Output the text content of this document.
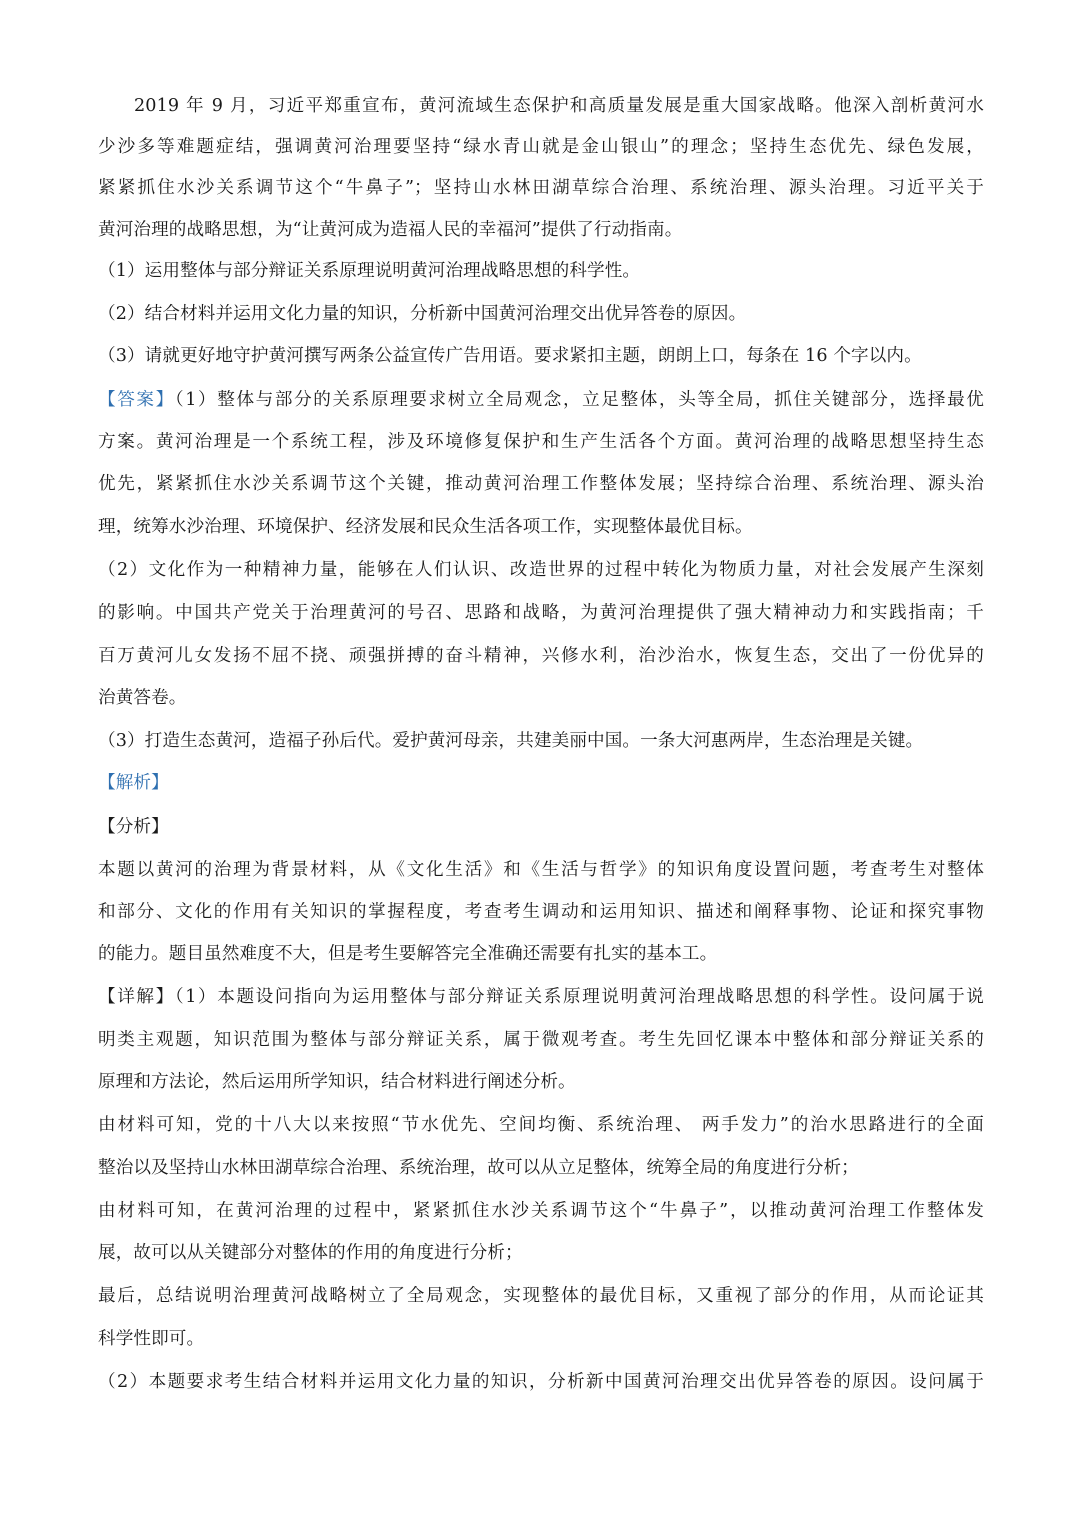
2019 年 9 月，习近平郑重宣布，黄河流域生态保护和高质量发展是重大国家战略。他深入剖析黄河水
少沙多等难题症结，强调黄河治理要坚持“绿水青山就是金山银山”的理念；坚持生态优先、绿色发展，
紧紧抓住水沙关系调节这个“牛鼻子”；坚持山水林田湖草综合治理、系统治理、源头治理。习近平关于
黄河治理的战略思想，为“让黄河成为造福人民的幸福河”提供了行动指南。
（1）运用整体与部分辩证关系原理说明黄河治理战略思想的科学性。
（2）结合材料并运用文化力量的知识，分析新中国黄河治理交出优异答卷的原因。
（3）请就更好地守护黄河撰写两条公益宣传广告用语。要求紧扣主题，朗朗上口，每条在 16 个字以内。
【答案】（1）整体与部分的关系原理要求树立全局观念，立足整体，头等全局，抓住关键部分，选择最优
方案。黄河治理是一个系统工程，涉及环境修复保护和生产生活各个方面。黄河治理的战略思想坚持生态
优先，紧紧抓住水沙关系调节这个关键，推动黄河治理工作整体发展；坚持综合治理、系统治理、源头治
理，统筹水沙治理、环境保护、经济发展和民众生活各项工作，实现整体最优目标。
（2）文化作为一种精神力量，能够在人们认识、改造世界的过程中转化为物质力量，对社会发展产生深刻
的影响。中国共产党关于治理黄河的号召、思路和战略，为黄河治理提供了强大精神动力和实践指南；千
百万黄河儿女发扬不屈不挠、顽强拼搏的奋斗精神，兴修水利，治沙治水，恢复生态，交出了一份优异的
治黄答卷。
（3）打造生态黄河，造福子孙后代。爱护黄河母亲，共建美丽中国。一条大河惠两岸，生态治理是关键。
【解析】
【分析】
本题以黄河的治理为背景材料，从《文化生活》和《生活与哲学》的知识角度设置问题，考查考生对整体
和部分、文化的作用有关知识的掌握程度，考查考生调动和运用知识、描述和阐释事物、论证和探究事物
的能力。题目虽然难度不大，但是考生要解答完全准确还需要有扎实的基本工。
【详解】（1）本题设问指向为运用整体与部分辩证关系原理说明黄河治理战略思想的科学性。设问属于说
明类主观题，知识范围为整体与部分辩证关系，属于微观考查。考生先回忆课本中整体和部分辩证关系的
原理和方法论，然后运用所学知识，结合材料进行阐述分析。
由材料可知，党的十八大以来按照“节水优先、空间均衡、系统治理、 两手发力”的治水思路进行的全面
整治以及坚持山水林田湖草综合治理、系统治理，故可以从立足整体，统筹全局的角度进行分析；
由材料可知，在黄河治理的过程中，紧紧抓住水沙关系调节这个“牛鼻子”，以推动黄河治理工作整体发
展，故可以从关键部分对整体的作用的角度进行分析；
最后，总结说明治理黄河战略树立了全局观念，实现整体的最优目标，又重视了部分的作用，从而论证其
科学性即可。
（2）本题要求考生结合材料并运用文化力量的知识，分析新中国黄河治理交出优异答卷的原因。设问属于
